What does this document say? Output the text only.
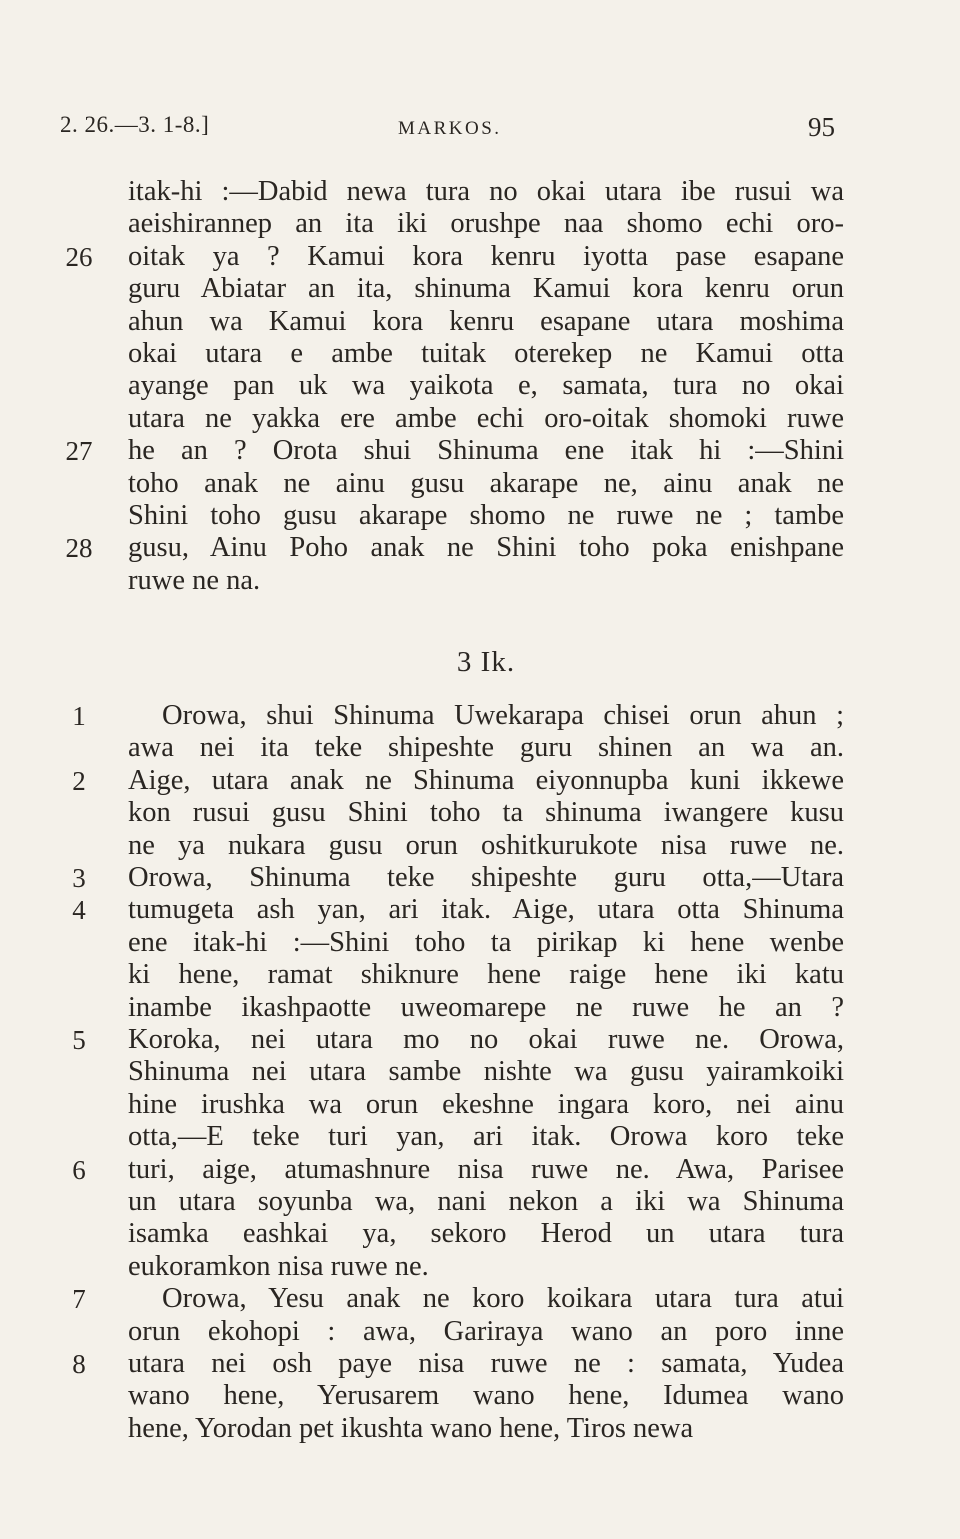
2. 26.—3. 1-8.]	MARKOS.	95
itak-hi :—Dabid newa tura no okai utara ibe rusui wa
aeishirannep an ita iki orushpe naa shomo echi oro-
26 oitak ya ? Kamui kora kenru iyotta pase esapane
guru Abiatar an ita, shinuma Kamui kora kenru orun
ahun wa Kamui kora kenru esapane utara moshima
okai utara e ambe tuitak oterekep ne Kamui otta
ayange pan uk wa yaikota e, samata, tura no okai
utara ne yakka ere ambe echi oro-oitak shomoki ruwe
27 he an ? Orota shui Shinuma ene itak hi :—Shini
toho anak ne ainu gusu akarape ne, ainu anak ne
Shini toho gusu akarape shomo ne ruwe ne ; tambe
28 gusu, Ainu Poho anak ne Shini toho poka enishpane
ruwe ne na.
3 Ik.
1	Orowa, shui Shinuma Uwekarapa chisei orun ahun ;
awa nei ita teke shipeshte guru shinen an wa an.
2	Aige, utara anak ne Shinuma eiyonnupba kuni ikkewe
kon rusui gusu Shini toho ta shinuma iwangere kusu
ne ya nukara gusu orun oshitkurukote nisa ruwe ne.
3	Orowa, Shinuma teke shipeshte guru otta,—Utara
4	tumugeta ash yan, ari itak. Aige, utara otta Shinuma
ene itak-hi :—Shini toho ta pirikap ki hene wenbe
ki hene, ramat shiknure hene raige hene iki katu
inambe ikashpaotte uweomarepe ne ruwe he an ?
5	Koroka, nei utara mo no okai ruwe ne. Orowa,
Shinuma nei utara sambe nishte wa gusu yairamkoiki
hine irushka wa orun ekeshne ingara koro, nei ainu
otta,—E teke turi yan, ari itak. Orowa koro teke
6	turi, aige, atumashnure nisa ruwe ne. Awa, Parisee
un utara soyunba wa, nani nekon a iki wa Shinuma
isamka eashkai ya, sekoro Herod un utara tura
eukoramkon nisa ruwe ne.
7	Orowa, Yesu anak ne koro koikara utara tura atui
orun ekohopi : awa, Gariraya wano an poro inne
8	utara nei osh paye nisa ruwe ne : samata, Yudea
wano hene, Yerusarem wano hene, Idumea wano
hene, Yorodan pet ikushta wano hene, Tiros newa
